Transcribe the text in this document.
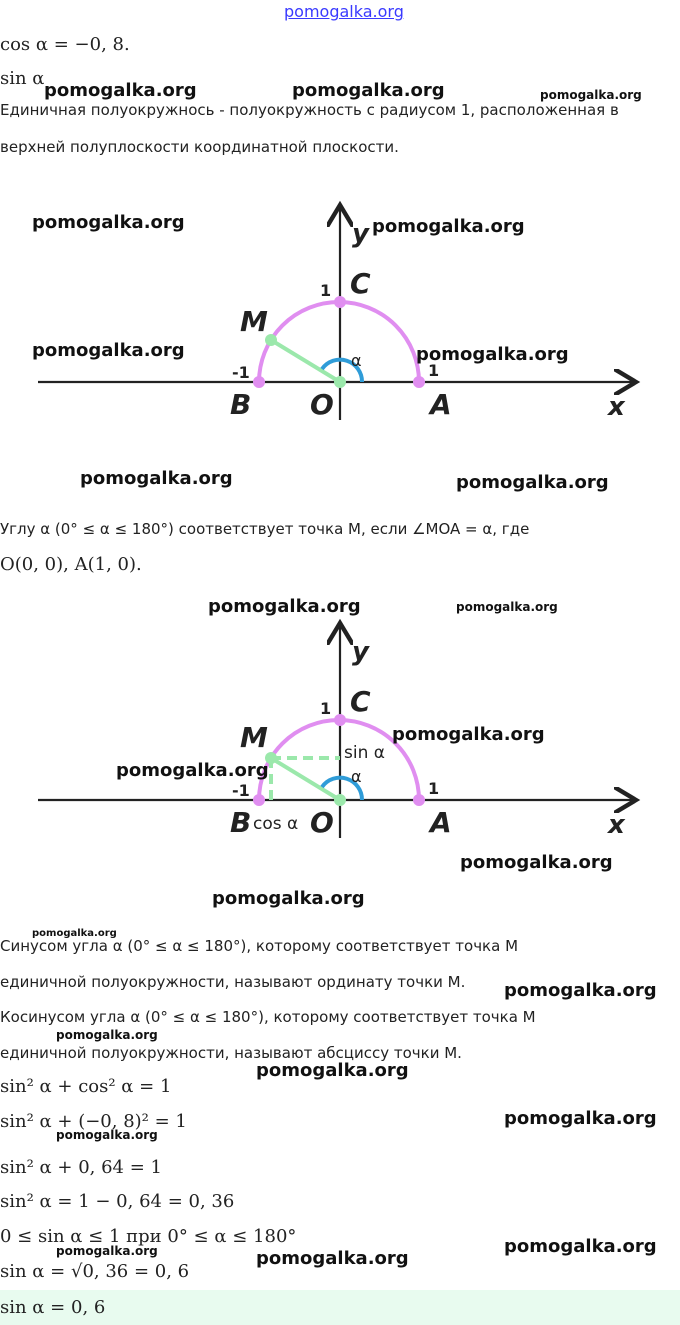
pomogalka.org
cos α = −0, 8.
sin α
Единичная полуокружнось - полуокружность с радиусом 1, расположенная в
верхней полуплоскости координатной плоскости.
y
x
C
M
O	A
B
1
1
-1
α
Углу α (0° ≤ α ≤ 180°) соответствует точка M, если ∠MOA = α, где
O(0, 0), A(1, 0).
y
x
C
M
O	A
B
1
1
-1
α
sin α
cos α
Синусом угла α (0° ≤ α ≤ 180°), которому соответствует точка M
единичной полуокружности, называют ординату точки M.
Косинусом угла α (0° ≤ α ≤ 180°), которому соответствует точка M
единичной полуокружности, называют абсциссу точки M.
sin² α + cos² α = 1
sin² α + (−0, 8)² = 1
sin² α + 0, 64 = 1
sin² α = 1 − 0, 64 = 0, 36
0 ≤ sin α ≤ 1 при 0° ≤ α ≤ 180°
sin α = √0, 36 = 0, 6
sin α = 0, 6
pomogalka.org	pomogalka.org	pomogalka.org
pomogalka.org	pomogalka.org
pomogalka.org	pomogalka.org
pomogalka.org	pomogalka.org
pomogalka.org	pomogalka.org
pomogalka.org
pomogalka.org
pomogalka.org
pomogalka.org
pomogalka.org
pomogalka.org
pomogalka.org
pomogalka.org
pomogalka.org
pomogalka.org
pomogalka.org
pomogalka.org	pomogalka.org
